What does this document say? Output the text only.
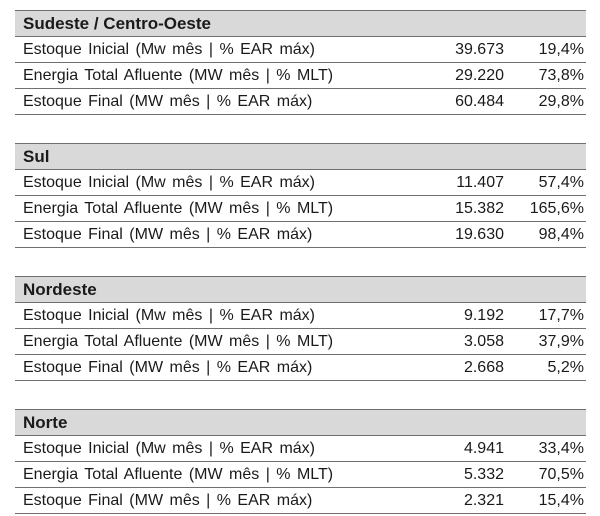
Sudeste / Centro-Oeste
Estoque Inicial (Mw mês | % EAR máx)	39.673 19,4%
Energia Total Afluente (MW mês | % MLT)	29.220 73,8%
Estoque Final (MW mês | % EAR máx)	60.484 29,8%
Sul
Estoque Inicial (Mw mês | % EAR máx)	11.407 57,4%
Energia Total Afluente (MW mês | % MLT)	15.382 165,6%
Estoque Final (MW mês | % EAR máx)	19.630 98,4%
Nordeste
Estoque Inicial (Mw mês | % EAR máx)	9.192 17,7%
Energia Total Afluente (MW mês | % MLT)	3.058 37,9%
Estoque Final (MW mês | % EAR máx)	2.668	5,2%
Norte
Estoque Inicial (Mw mês | % EAR máx)	4.941 33,4%
Energia Total Afluente (MW mês | % MLT)	5.332 70,5%
Estoque Final (MW mês | % EAR máx)	2.321 15,4%
